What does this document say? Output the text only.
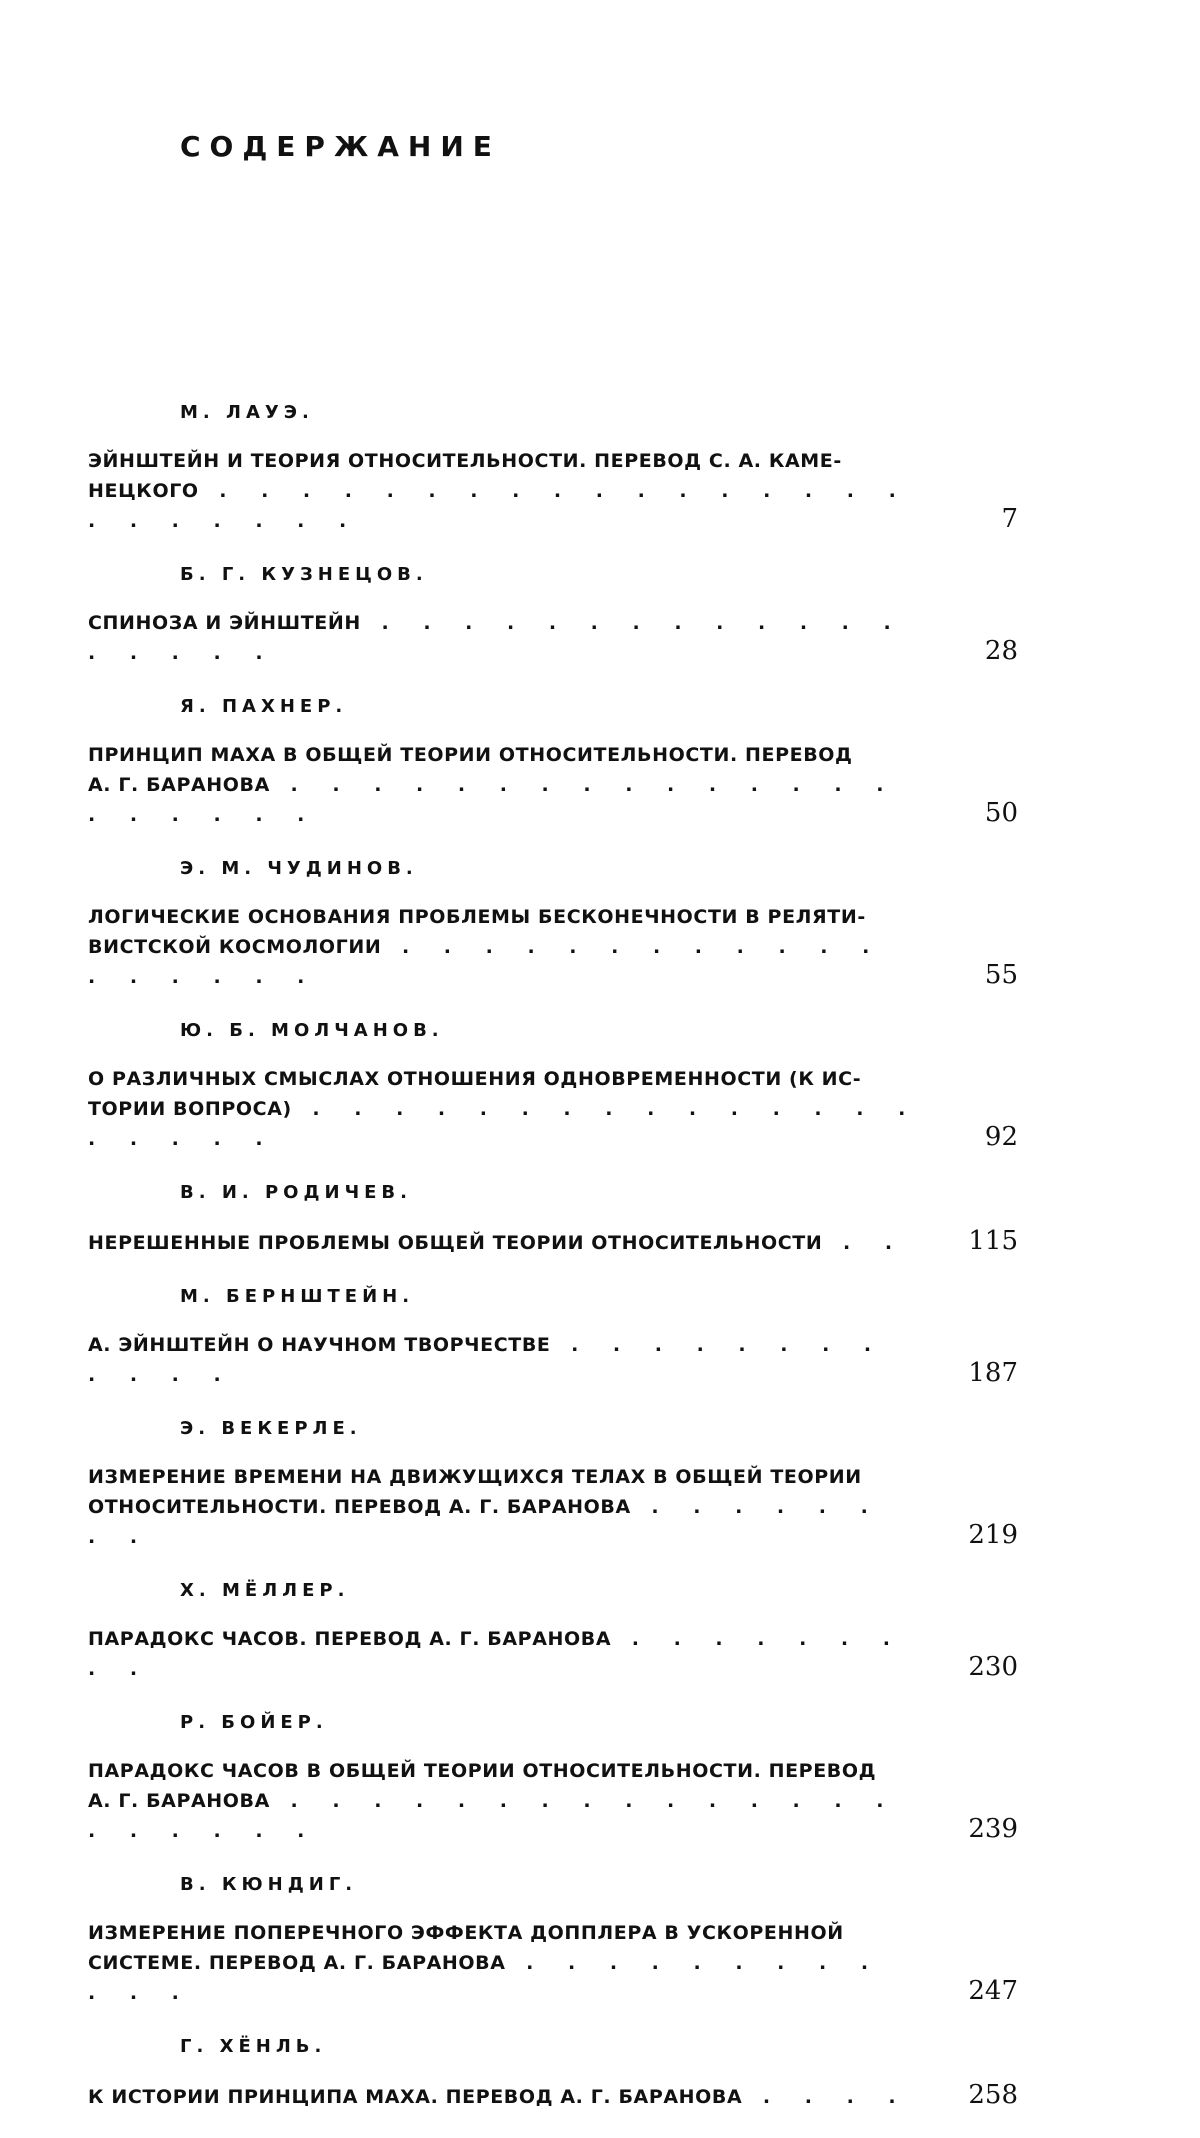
СОДЕРЖАНИЕ
М. ЛАУЭ.
ЭЙНШТЕЙН И ТЕОРИЯ ОТНОСИТЕЛЬНОСТИ. ПЕРЕВОД С. А. КАМЕ-
НЕЦКОГО . . . . . . . . . . . . . . . . . . . . . . . .	7
Б. Г. КУЗНЕЦОВ.
СПИНОЗА И ЭЙНШТЕЙН . . . . . . . . . . . . . . . . . .	28
Я. ПАХНЕР.
ПРИНЦИП МАХА В ОБЩЕЙ ТЕОРИИ ОТНОСИТЕЛЬНОСТИ. ПЕРЕВОД
А. Г. БАРАНОВА . . . . . . . . . . . . . . . . . . . . .	50
Э. М. ЧУДИНОВ.
ЛОГИЧЕСКИЕ ОСНОВАНИЯ ПРОБЛЕМЫ БЕСКОНЕЧНОСТИ В РЕЛЯТИ-
ВИСТСКОЙ КОСМОЛОГИИ . . . . . . . . . . . . . . . . . .	55
Ю. Б. МОЛЧАНОВ.
О РАЗЛИЧНЫХ СМЫСЛАХ ОТНОШЕНИЯ ОДНОВРЕМЕННОСТИ (К ИС-
ТОРИИ ВОПРОСА) . . . . . . . . . . . . . . . . . . . .	92
В. И. РОДИЧЕВ.
НЕРЕШЕННЫЕ ПРОБЛЕМЫ ОБЩЕЙ ТЕОРИИ ОТНОСИТЕЛЬНОСТИ . .	115
М. БЕРНШТЕЙН.
А. ЭЙНШТЕЙН О НАУЧНОМ ТВОРЧЕСТВЕ . . . . . . . . . . . .	187
Э. ВЕКЕРЛЕ.
ИЗМЕРЕНИЕ ВРЕМЕНИ НА ДВИЖУЩИХСЯ ТЕЛАХ В ОБЩЕЙ ТЕОРИИ
ОТНОСИТЕЛЬНОСТИ. ПЕРЕВОД А. Г. БАРАНОВА . . . . . . . .	219
Х. МЁЛЛЕР.
ПАРАДОКС ЧАСОВ. ПЕРЕВОД А. Г. БАРАНОВА . . . . . . . . .	230
Р. БОЙЕР.
ПАРАДОКС ЧАСОВ В ОБЩЕЙ ТЕОРИИ ОТНОСИТЕЛЬНОСТИ. ПЕРЕВОД
А. Г. БАРАНОВА . . . . . . . . . . . . . . . . . . . . .	239
В. КЮНДИГ.
ИЗМЕРЕНИЕ ПОПЕРЕЧНОГО ЭФФЕКТА ДОППЛЕРА В УСКОРЕННОЙ
СИСТЕМЕ. ПЕРЕВОД А. Г. БАРАНОВА . . . . . . . . . . . .	247
Г. ХЁНЛЬ.
К ИСТОРИИ ПРИНЦИПА МАХА. ПЕРЕВОД А. Г. БАРАНОВА . . . .	258
